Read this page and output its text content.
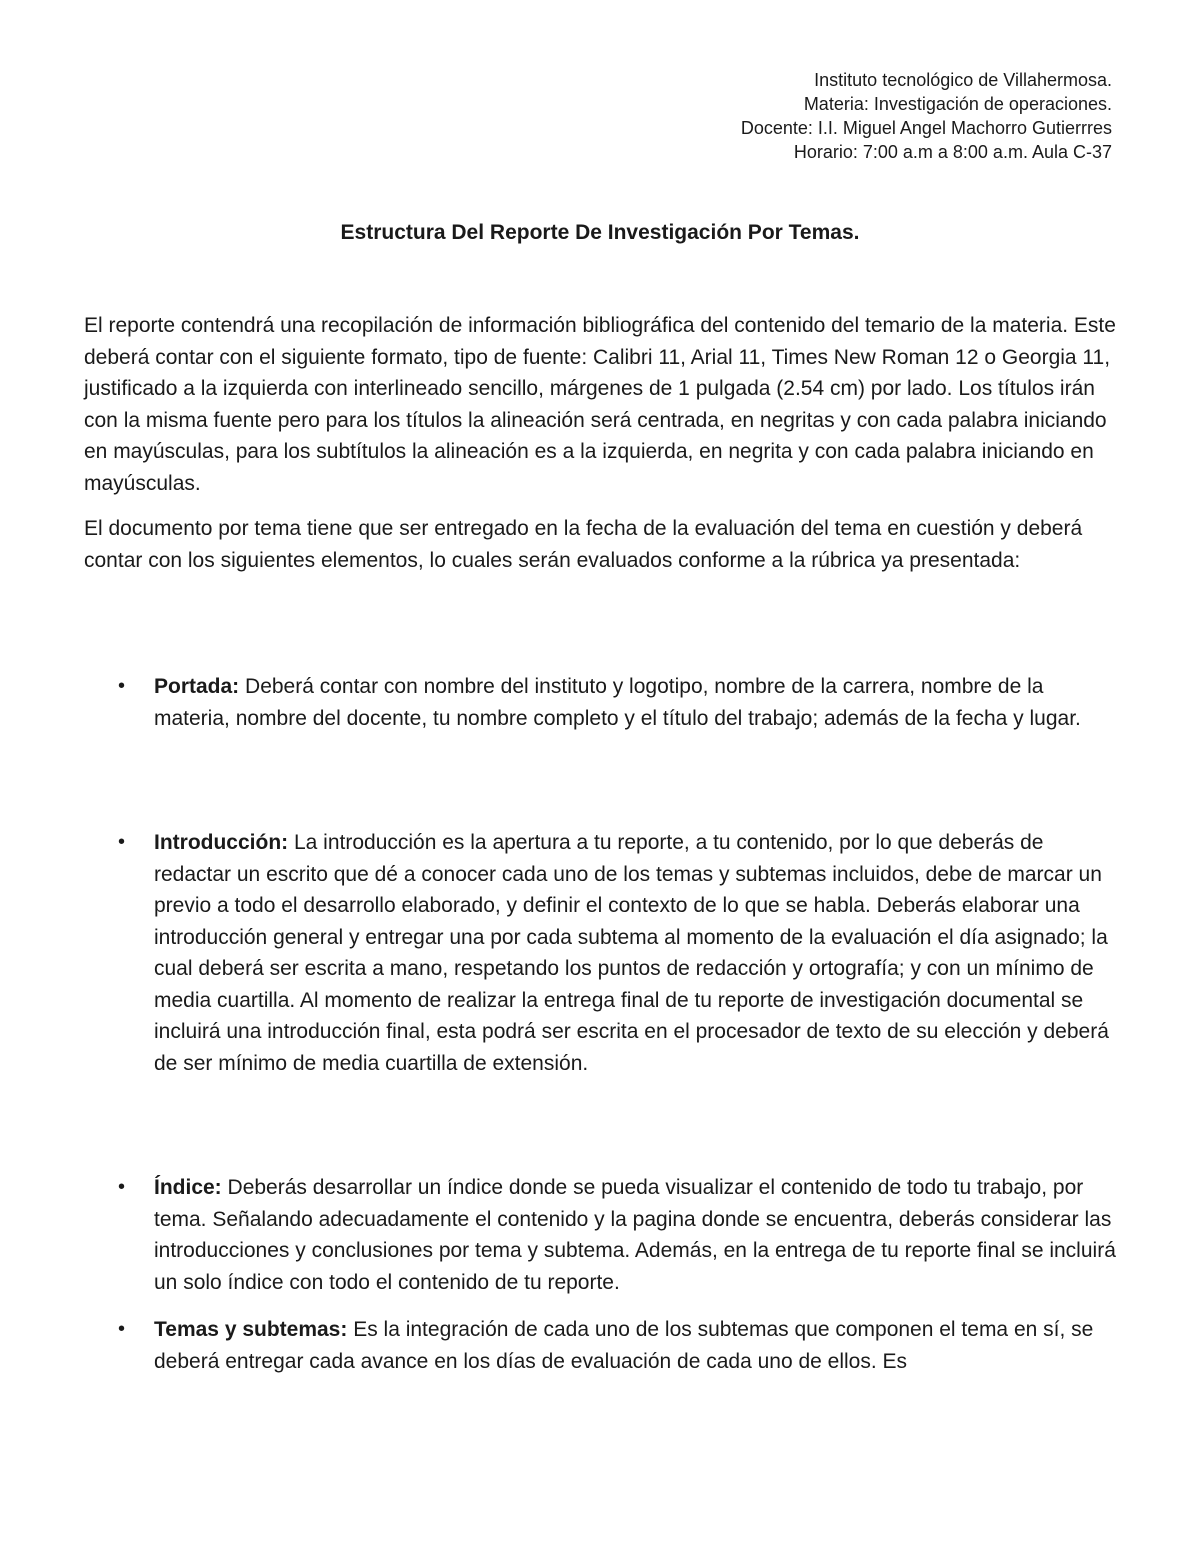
Instituto tecnológico de Villahermosa.
Materia: Investigación de operaciones.
Docente: I.I. Miguel Angel Machorro Gutierrres
Horario: 7:00 a.m a 8:00 a.m. Aula C-37
Estructura Del Reporte De Investigación Por Temas.

El reporte contendrá una recopilación de información bibliográfica del contenido del temario de la materia. Este deberá contar con el siguiente formato, tipo de fuente: Calibri 11, Arial 11, Times New Roman 12 o Georgia 11, justificado a la izquierda con interlineado sencillo, márgenes de 1 pulgada (2.54 cm) por lado. Los títulos irán con la misma fuente pero para los títulos la alineación será centrada, en negritas y con cada palabra iniciando en mayúsculas, para los subtítulos la alineación es a la izquierda, en negrita y con cada palabra iniciando en mayúsculas.

El documento por tema tiene que ser entregado en la fecha de la evaluación del tema en cuestión y deberá contar con los siguientes elementos, lo cuales serán evaluados conforme a la rúbrica ya presentada:

• Portada: Deberá contar con nombre del instituto y logotipo, nombre de la carrera, nombre de la materia, nombre del docente, tu nombre completo y el título del trabajo; además de la fecha y lugar.
• Introducción: La introducción es la apertura a tu reporte, a tu contenido, por lo que deberás de redactar un escrito que dé a conocer cada uno de los temas y subtemas incluidos, debe de marcar un previo a todo el desarrollo elaborado, y definir el contexto de lo que se habla. Deberás elaborar una introducción general y entregar una por cada subtema al momento de la evaluación el día asignado; la cual deberá ser escrita a mano, respetando los puntos de redacción y ortografía; y con un mínimo de media cuartilla. Al momento de realizar la entrega final de tu reporte de investigación documental se incluirá una introducción final, esta podrá ser escrita en el procesador de texto de su elección y deberá de ser mínimo de media cuartilla de extensión.
• Índice: Deberás desarrollar un índice donde se pueda visualizar el contenido de todo tu trabajo, por tema. Señalando adecuadamente el contenido y la pagina donde se encuentra, deberás considerar las introducciones y conclusiones por tema y subtema. Además, en la entrega de tu reporte final se incluirá un solo índice con todo el contenido de tu reporte.
• Temas y subtemas: Es la integración de cada uno de los subtemas que componen el tema en sí, se deberá entregar cada avance en los días de evaluación de cada uno de ellos. Es
